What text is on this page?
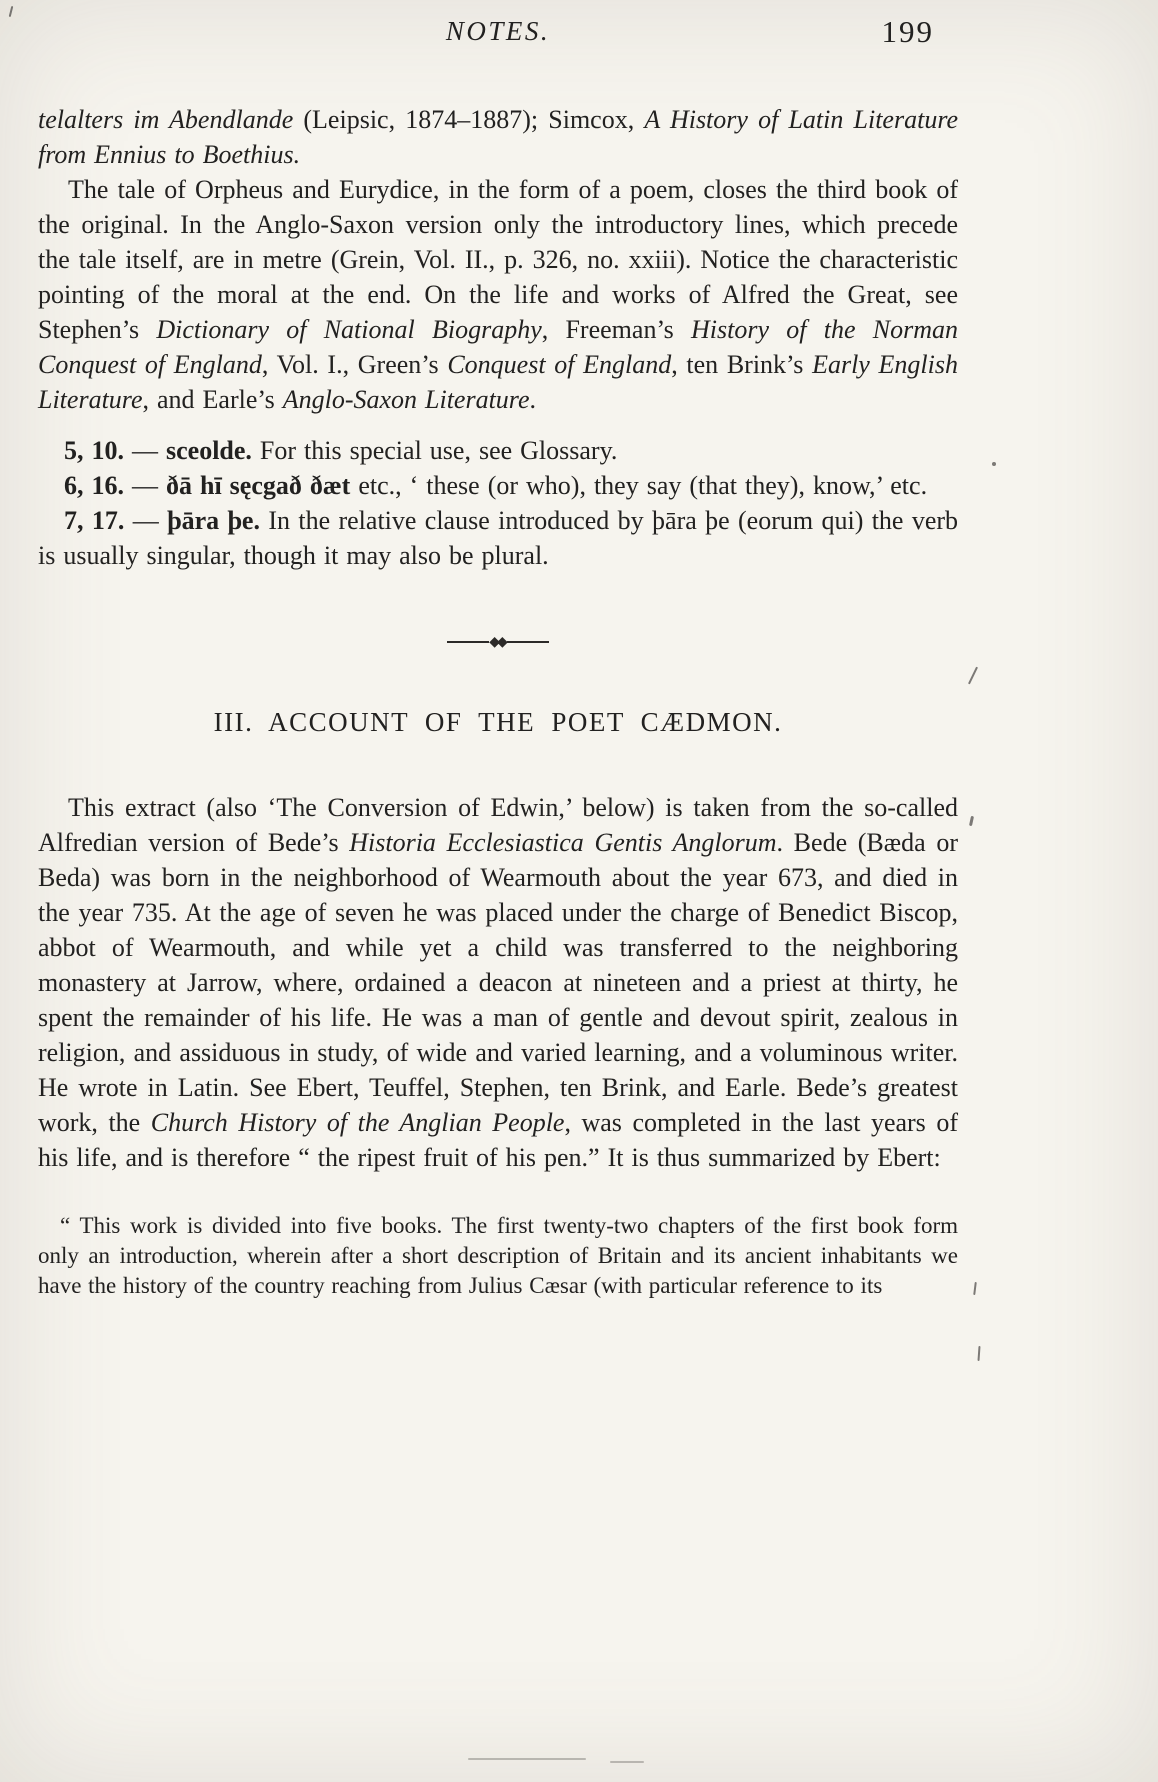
NOTES.	199

telalters im Abendlande (Leipsic, 1874–1887); Simcox, A History of Latin Literature from Ennius to Boethius.

The tale of Orpheus and Eurydice, in the form of a poem, closes the third book of the original. In the Anglo-Saxon version only the introductory lines, which precede the tale itself, are in metre (Grein, Vol. II., p. 326, no. xxiii). Notice the characteristic pointing of the moral at the end. On the life and works of Alfred the Great, see Stephen’s Dictionary of National Biography, Freeman’s History of the Norman Conquest of England, Vol. I., Green’s Conquest of England, ten Brink’s Early English Literature, and Earle’s Anglo-Saxon Literature.

5, 10. — sceolde. For this special use, see Glossary.

6, 16. — ðā hī sęcgað ðæt etc., ‘ these (or who), they say (that they), know,’ etc.

7, 17. — þāra þe. In the relative clause introduced by þāra þe (eorum qui) the verb is usually singular, though it may also be plural.

◆◆
III. ACCOUNT OF THE POET CÆDMON.

This extract (also ‘The Conversion of Edwin,’ below) is taken from the so-called Alfredian version of Bede’s Historia Ecclesiastica Gentis Anglorum. Bede (Bæda or Beda) was born in the neighborhood of Wearmouth about the year 673, and died in the year 735. At the age of seven he was placed under the charge of Benedict Biscop, abbot of Wearmouth, and while yet a child was transferred to the neighboring monastery at Jarrow, where, ordained a deacon at nineteen and a priest at thirty, he spent the remainder of his life. He was a man of gentle and devout spirit, zealous in religion, and assiduous in study, of wide and varied learning, and a voluminous writer. He wrote in Latin. See Ebert, Teuffel, Stephen, ten Brink, and Earle. Bede’s greatest work, the Church History of the Anglian People, was completed in the last years of his life, and is therefore “ the ripest fruit of his pen.” It is thus summarized by Ebert:

“ This work is divided into five books. The first twenty-two chapters of the first book form only an introduction, wherein after a short description of Britain and its ancient inhabitants we have the history of the country reaching from Julius Cæsar (with particular reference to its
